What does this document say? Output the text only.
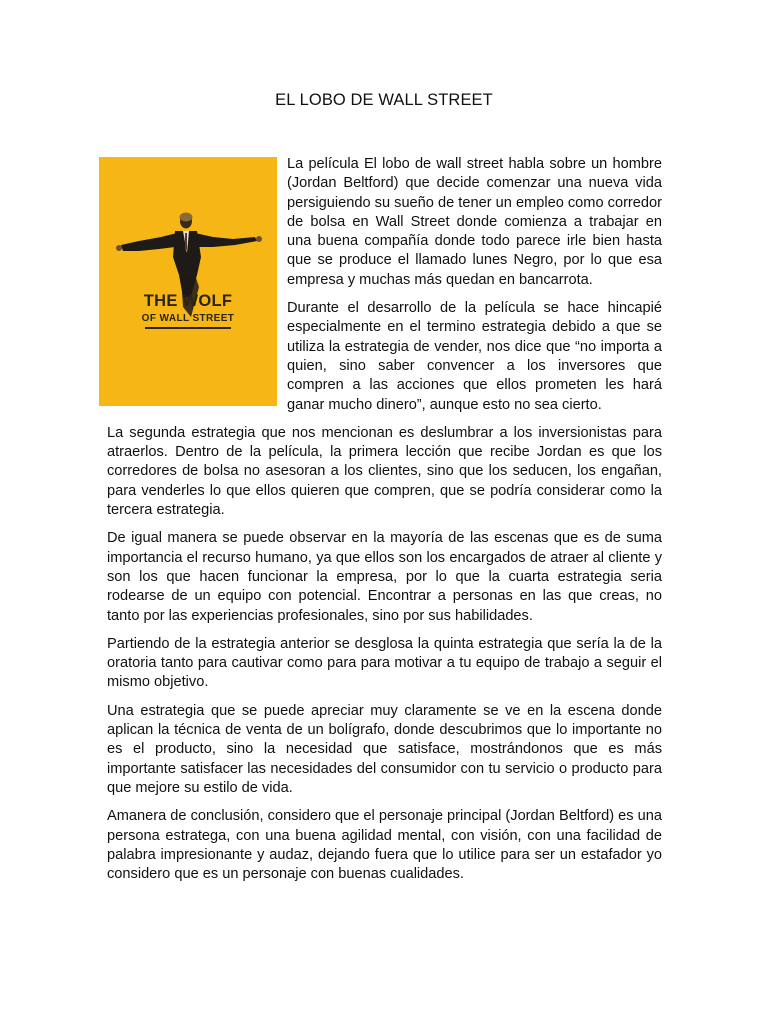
EL LOBO DE WALL STREET
THE WOLF
OF WALL STREET

La película El lobo de wall street habla sobre un hombre (Jordan Beltford) que decide comenzar una nueva vida persiguiendo su sueño de tener un empleo como corredor de bolsa en Wall Street donde comienza a trabajar en una buena compañía donde todo parece irle bien hasta que se produce el llamado lunes Negro, por lo que esa empresa y muchas más quedan en bancarrota.

Durante el desarrollo de la película se hace hincapié especialmente en el termino estrategia debido a que se utiliza la estrategia de vender, nos dice que “no importa a quien, sino saber convencer a los inversores que compren a las acciones que ellos prometen les hará ganar mucho dinero”, aunque esto no sea cierto.

La segunda estrategia que nos mencionan es deslumbrar a los inversionistas para atraerlos. Dentro de la película, la primera lección que recibe Jordan es que los corredores de bolsa no asesoran a los clientes, sino que los seducen, los engañan, para venderles lo que ellos quieren que compren, que se podría considerar como la tercera estrategia.

De igual manera se puede observar en la mayoría de las escenas que es de suma importancia el recurso humano, ya que ellos son los encargados de atraer al cliente y son los que hacen funcionar la empresa, por lo que la cuarta estrategia seria rodearse de un equipo con potencial. Encontrar a personas en las que creas, no tanto por las experiencias profesionales, sino por sus habilidades.

Partiendo de la estrategia anterior se desglosa la quinta estrategia que sería la de la oratoria tanto para cautivar como para para motivar a tu equipo de trabajo a seguir el mismo objetivo.

Una estrategia que se puede apreciar muy claramente se ve en la escena donde aplican la técnica de venta de un bolígrafo, donde descubrimos que lo importante no es el producto, sino la necesidad que satisface, mostrándonos que es más importante satisfacer las necesidades del consumidor con tu servicio o producto para que mejore su estilo de vida.

Amanera de conclusión, considero que el personaje principal (Jordan Beltford) es una persona estratega, con una buena agilidad mental, con visión, con una facilidad de palabra impresionante y audaz, dejando fuera que lo utilice para ser un estafador yo considero que es un personaje con buenas cualidades.
